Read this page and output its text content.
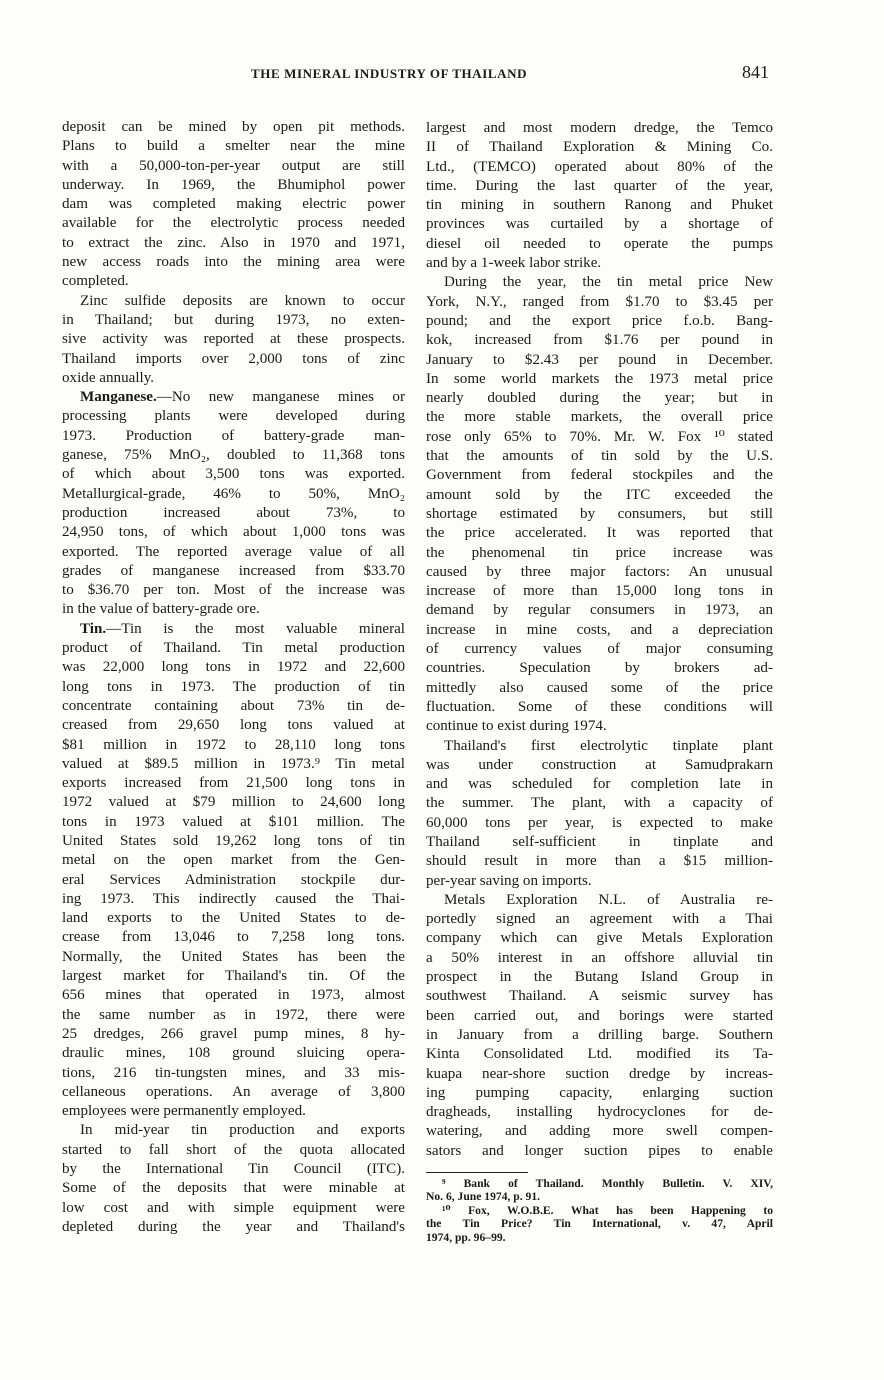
THE MINERAL INDUSTRY OF THAILAND	841
deposit can be mined by open pit methods.
Plans to build a smelter near the mine
with a 50,000-ton-per-year output are still
underway. In 1969, the Bhumiphol power
dam was completed making electric power
available for the electrolytic process needed
to extract the zinc. Also in 1970 and 1971,
new access roads into the mining area were
completed.
Zinc sulfide deposits are known to occur
in Thailand; but during 1973, no exten-
sive activity was reported at these prospects.
Thailand imports over 2,000 tons of zinc
oxide annually.
Manganese.—No new manganese mines or
processing plants were developed during
1973. Production of battery-grade man-
ganese, 75% MnO₂, doubled to 11,368 tons
of which about 3,500 tons was exported.
Metallurgical-grade, 46% to 50%, MnO₂
production increased about 73%, to
24,950 tons, of which about 1,000 tons was
exported. The reported average value of all
grades of manganese increased from $33.70
to $36.70 per ton. Most of the increase was
in the value of battery-grade ore.
Tin.—Tin is the most valuable mineral
product of Thailand. Tin metal production
was 22,000 long tons in 1972 and 22,600
long tons in 1973. The production of tin
concentrate containing about 73% tin de-
creased from 29,650 long tons valued at
$81 million in 1972 to 28,110 long tons
valued at $89.5 million in 1973.⁹ Tin metal
exports increased from 21,500 long tons in
1972 valued at $79 million to 24,600 long
tons in 1973 valued at $101 million. The
United States sold 19,262 long tons of tin
metal on the open market from the Gen-
eral Services Administration stockpile dur-
ing 1973. This indirectly caused the Thai-
land exports to the United States to de-
crease from 13,046 to 7,258 long tons.
Normally, the United States has been the
largest market for Thailand's tin. Of the
656 mines that operated in 1973, almost
the same number as in 1972, there were
25 dredges, 266 gravel pump mines, 8 hy-
draulic mines, 108 ground sluicing opera-
tions, 216 tin-tungsten mines, and 33 mis-
cellaneous operations. An average of 3,800
employees were permanently employed.
In mid-year tin production and exports
started to fall short of the quota allocated
by the International Tin Council (ITC).
Some of the deposits that were minable at
low cost and with simple equipment were
depleted during the year and Thailand's
largest and most modern dredge, the Temco
II of Thailand Exploration & Mining Co.
Ltd., (TEMCO) operated about 80% of the
time. During the last quarter of the year,
tin mining in southern Ranong and Phuket
provinces was curtailed by a shortage of
diesel oil needed to operate the pumps
and by a 1-week labor strike.
During the year, the tin metal price New
York, N.Y., ranged from $1.70 to $3.45 per
pound; and the export price f.o.b. Bang-
kok, increased from $1.76 per pound in
January to $2.43 per pound in December.
In some world markets the 1973 metal price
nearly doubled during the year; but in
the more stable markets, the overall price
rose only 65% to 70%. Mr. W. Fox ¹⁰ stated
that the amounts of tin sold by the U.S.
Government from federal stockpiles and the
amount sold by the ITC exceeded the
shortage estimated by consumers, but still
the price accelerated. It was reported that
the phenomenal tin price increase was
caused by three major factors: An unusual
increase of more than 15,000 long tons in
demand by regular consumers in 1973, an
increase in mine costs, and a depreciation
of currency values of major consuming
countries. Speculation by brokers ad-
mittedly also caused some of the price
fluctuation. Some of these conditions will
continue to exist during 1974.
Thailand's first electrolytic tinplate plant
was under construction at Samudprakarn
and was scheduled for completion late in
the summer. The plant, with a capacity of
60,000 tons per year, is expected to make
Thailand self-sufficient in tinplate and
should result in more than a $15 million-
per-year saving on imports.
Metals Exploration N.L. of Australia re-
portedly signed an agreement with a Thai
company which can give Metals Exploration
a 50% interest in an offshore alluvial tin
prospect in the Butang Island Group in
southwest Thailand. A seismic survey has
been carried out, and borings were started
in January from a drilling barge. Southern
Kinta Consolidated Ltd. modified its Ta-
kuapa near-shore suction dredge by increas-
ing pumping capacity, enlarging suction
dragheads, installing hydrocyclones for de-
watering, and adding more swell compen-
sators and longer suction pipes to enable
⁹ Bank of Thailand. Monthly Bulletin. V. XIV,
No. 6, June 1974, p. 91.
¹⁰ Fox, W.O.B.E. What has been Happening to
the Tin Price? Tin International, v. 47, April
1974, pp. 96–99.
